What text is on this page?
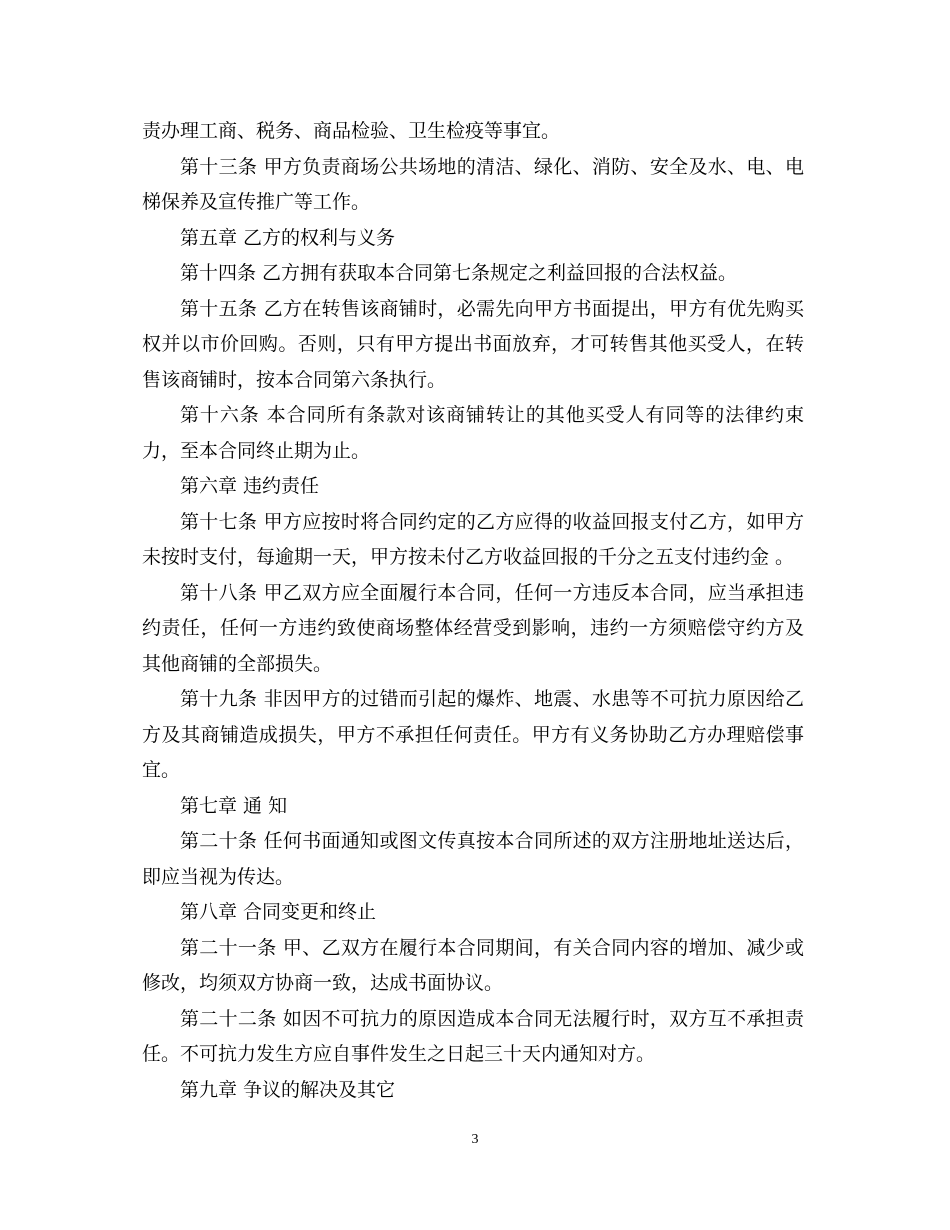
责办理工商、税务、商品检验、卫生检疫等事宜。

第十三条 甲方负责商场公共场地的清洁、绿化、消防、安全及水、电、电梯保养及宣传推广等工作。

第五章 乙方的权利与义务

第十四条 乙方拥有获取本合同第七条规定之利益回报的合法权益。

第十五条 乙方在转售该商铺时，必需先向甲方书面提出，甲方有优先购买权并以市价回购。否则，只有甲方提出书面放弃，才可转售其他买受人，在转售该商铺时，按本合同第六条执行。

第十六条 本合同所有条款对该商铺转让的其他买受人有同等的法律约束力，至本合同终止期为止。

第六章 违约责任

第十七条 甲方应按时将合同约定的乙方应得的收益回报支付乙方，如甲方未按时支付，每逾期一天，甲方按未付乙方收益回报的千分之五支付违约金 。

第十八条 甲乙双方应全面履行本合同，任何一方违反本合同，应当承担违约责任，任何一方违约致使商场整体经营受到影响，违约一方须赔偿守约方及其他商铺的全部损失。

第十九条 非因甲方的过错而引起的爆炸、地震、水患等不可抗力原因给乙方及其商铺造成损失，甲方不承担任何责任。甲方有义务协助乙方办理赔偿事宜。

第七章 通 知

第二十条 任何书面通知或图文传真按本合同所述的双方注册地址送达后，即应当视为传达。

第八章 合同变更和终止

第二十一条 甲、乙双方在履行本合同期间，有关合同内容的增加、减少或修改，均须双方协商一致，达成书面协议。

第二十二条 如因不可抗力的原因造成本合同无法履行时，双方互不承担责任。不可抗力发生方应自事件发生之日起三十天内通知对方。

第九章 争议的解决及其它

3
